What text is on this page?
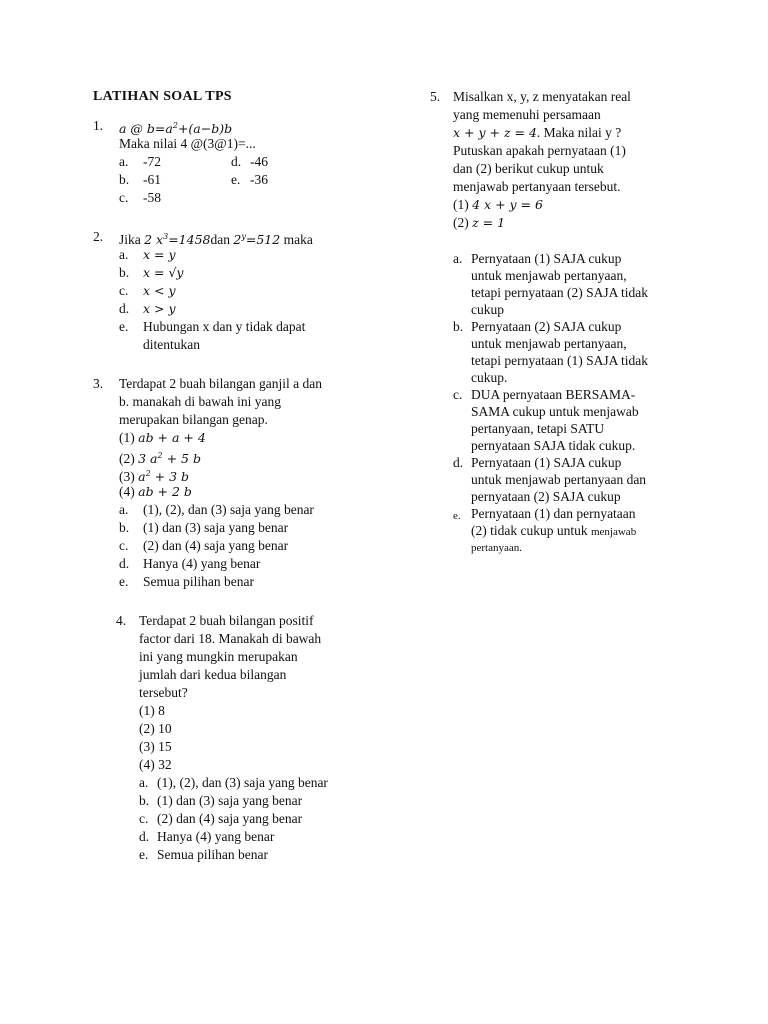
LATIHAN SOAL TPS
1. a @ $b=a^2+(a-b)b$
Maka nilai 4 @(3@1)=...
a. -72	d. -46
b. -61	e. -36
c. -58
2. Jika 2 $x^3=1458dan$ $2^y=512$ maka
a.	x = y
b.	x = √y
c.	x < y
d.	x > y
e.	Hubungan x dan y tidak dapat
ditentukan
3. Terdapat 2 buah bilangan ganjil a dan
b. manakah di bawah ini yang
merupakan bilangan genap.
(1) ab + a + 4
(2) 3 $a^2 + 5$ b
(3) $a^2 + 3$ b
(4) ab + 2 b
a.	(1), (2), dan (3) saja yang benar
b.	(1) dan (3) saja yang benar
c.	(2) dan (4) saja yang benar
d.	Hanya (4) yang benar
e.	Semua pilihan benar
4. Terdapat 2 buah bilangan positif
factor dari 18. Manakah di bawah
ini yang mungkin merupakan
jumlah dari kedua bilangan
tersebut?
(1) 8
(2) 10
(3) 15
(4) 32
a. (1), (2), dan (3) saja yang benar
b. (1) dan (3) saja yang benar
c. (2) dan (4) saja yang benar
d. Hanya (4) yang benar
e. Semua pilihan benar
5. Misalkan x, y, z menyatakan real
yang memenuhi persamaan
x + y + z = 4. Maka nilai y ?
Putuskan apakah pernyataan (1)
dan (2) berikut cukup untuk
menjawab pertanyaan tersebut.
(1) 4 x + y = 6
(2) z = 1
a. Pernyataan (1) SAJA cukup
untuk menjawab pertanyaan,
tetapi pernyataan (2) SAJA tidak
cukup
b. Pernyataan (2) SAJA cukup
untuk menjawab pertanyaan,
tetapi pernyataan (1) SAJA tidak
cukup.
c. DUA pernyataan BERSAMA-
SAMA cukup untuk menjawab
pertanyaan, tetapi SATU
pernyataan SAJA tidak cukup.
d. Pernyataan (1) SAJA cukup
untuk menjawab pertanyaan dan
pernyataan (2) SAJA cukup
e. Pernyataan (1) dan pernyataan
(2) tidak cukup untuk menjawab
pertanyaan.
